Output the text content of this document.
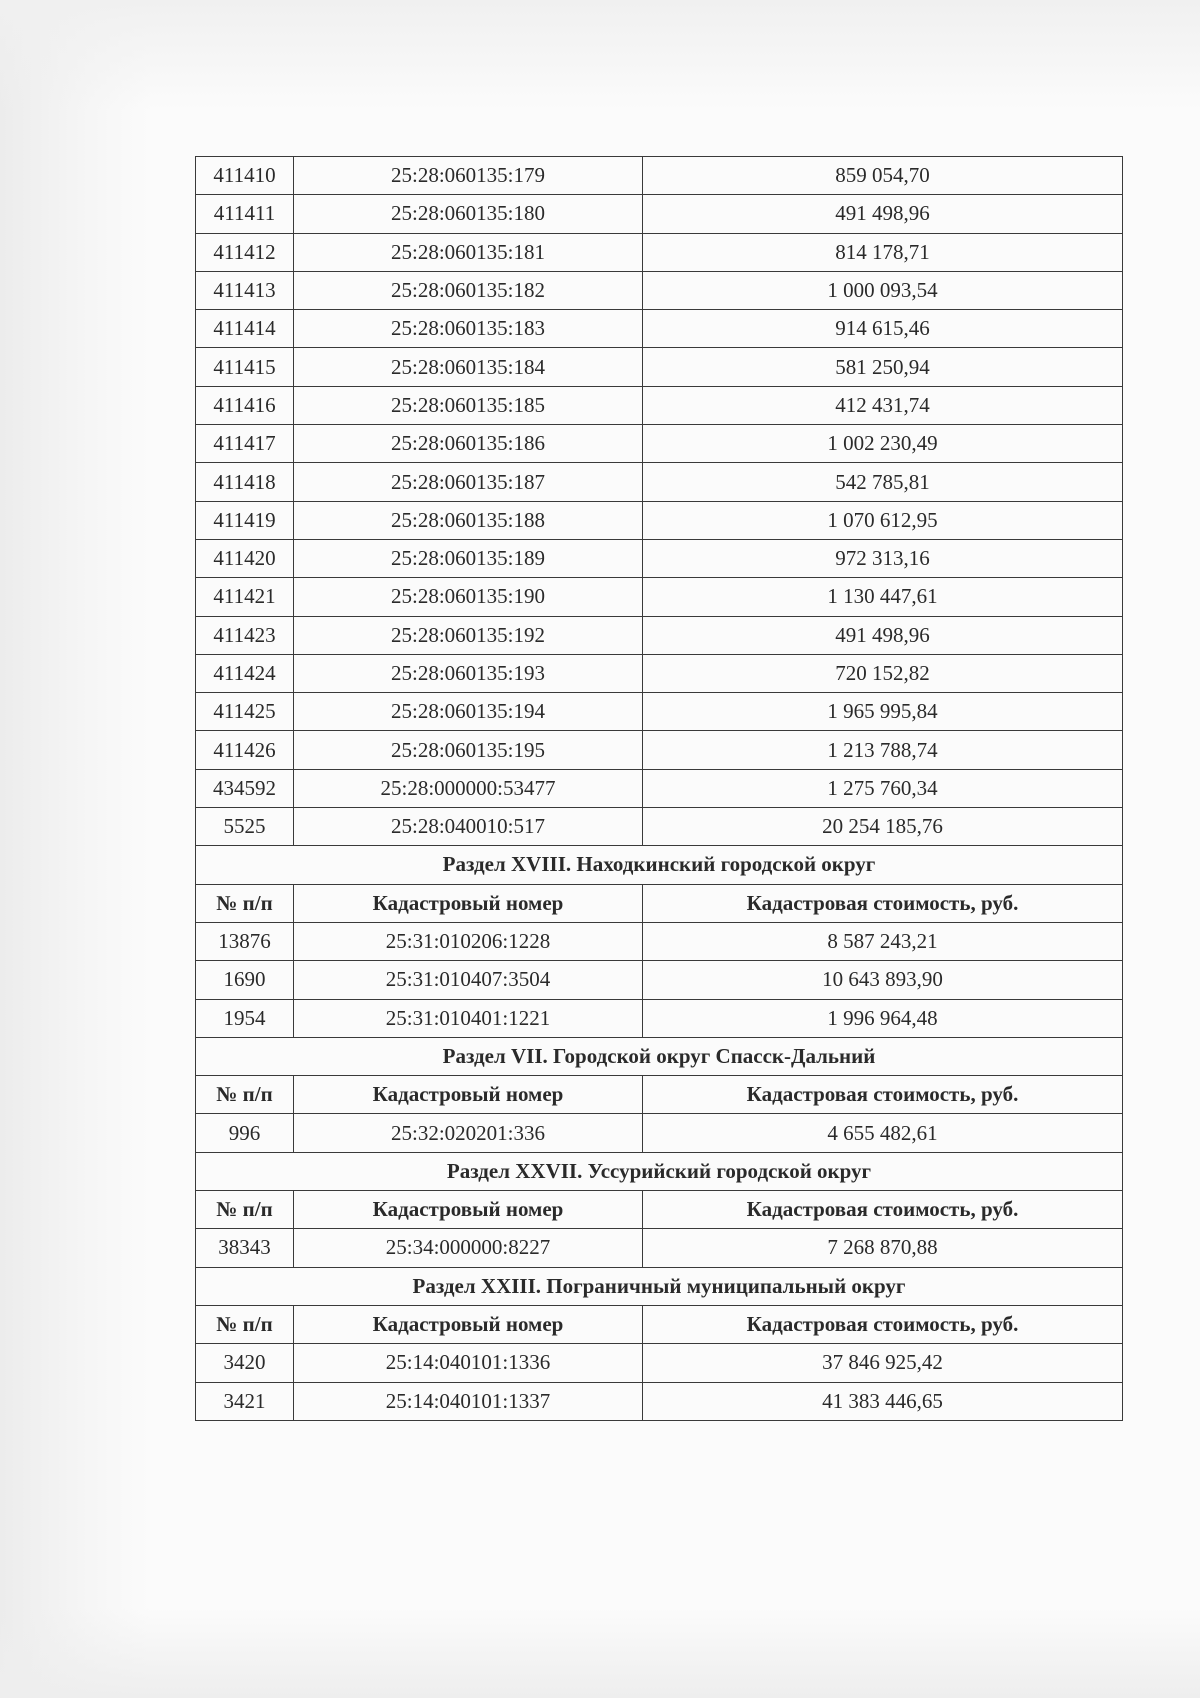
411410	25:28:060135:179	859 054,70
411411	25:28:060135:180	491 498,96
411412	25:28:060135:181	814 178,71
411413	25:28:060135:182	1 000 093,54
411414	25:28:060135:183	914 615,46
411415	25:28:060135:184	581 250,94
411416	25:28:060135:185	412 431,74
411417	25:28:060135:186	1 002 230,49
411418	25:28:060135:187	542 785,81
411419	25:28:060135:188	1 070 612,95
411420	25:28:060135:189	972 313,16
411421	25:28:060135:190	1 130 447,61
411423	25:28:060135:192	491 498,96
411424	25:28:060135:193	720 152,82
411425	25:28:060135:194	1 965 995,84
411426	25:28:060135:195	1 213 788,74
434592	25:28:000000:53477	1 275 760,34
5525	25:28:040010:517	20 254 185,76
Раздел XVIII. Находкинский городской округ		
№ п/п	Кадастровый номер	Кадастровая стоимость, руб.
13876	25:31:010206:1228	8 587 243,21
1690	25:31:010407:3504	10 643 893,90
1954	25:31:010401:1221	1 996 964,48
Раздел VII. Городской округ Спасск-Дальний		
№ п/п	Кадастровый номер	Кадастровая стоимость, руб.
996	25:32:020201:336	4 655 482,61
Раздел XXVII. Уссурийский городской округ		
№ п/п	Кадастровый номер	Кадастровая стоимость, руб.
38343	25:34:000000:8227	7 268 870,88
Раздел XXIII. Пограничный муниципальный округ		
№ п/п	Кадастровый номер	Кадастровая стоимость, руб.
3420	25:14:040101:1336	37 846 925,42
3421	25:14:040101:1337	41 383 446,65
